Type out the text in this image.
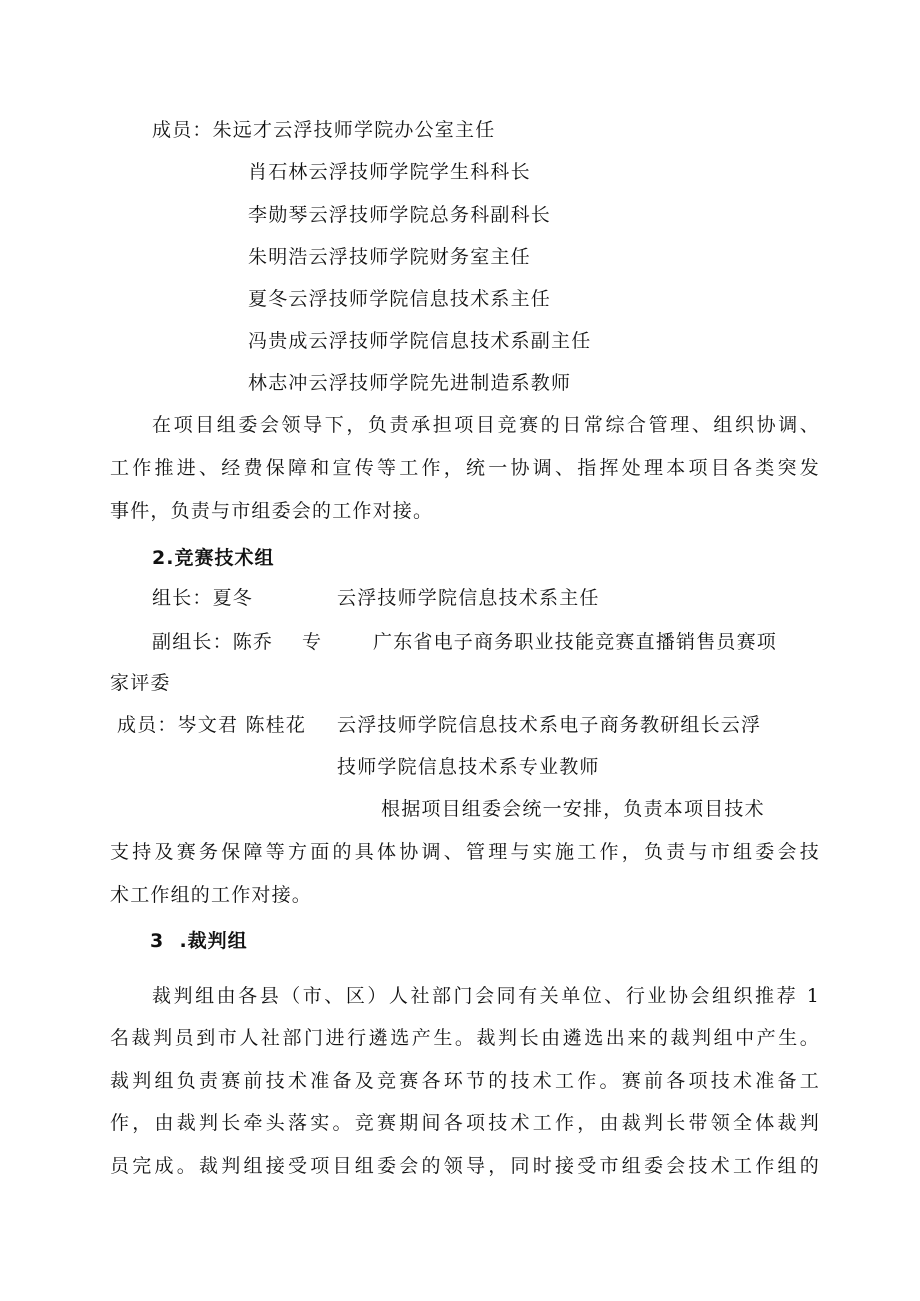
成员：朱远才云浮技师学院办公室主任
肖石林云浮技师学院学生科科长
李勋琴云浮技师学院总务科副科长
朱明浩云浮技师学院财务室主任
夏冬云浮技师学院信息技术系主任
冯贵成云浮技师学院信息技术系副主任
林志冲云浮技师学院先进制造系教师
在项目组委会领导下，负责承担项目竞赛的日常综合管理、组织协调、
工作推进、经费保障和宣传等工作，统一协调、指挥处理本项目各类突发
事件，负责与市组委会的工作对接。
2.竞赛技术组
组长：夏冬	云浮技师学院信息技术系主任
副组长：陈乔 专	广东省电子商务职业技能竞赛直播销售员赛项
家评委
成员：岑文君 陈桂花 云浮技师学院信息技术系电子商务教研组长云浮
技师学院信息技术系专业教师
根据项目组委会统一安排，负责本项目技术
支持及赛务保障等方面的具体协调、管理与实施工作，负责与市组委会技
术工作组的工作对接。
3 .裁判组
裁判组由各县（市、区）人社部门会同有关单位、行业协会组织推荐 1
名裁判员到市人社部门进行遴选产生。裁判长由遴选出来的裁判组中产生。
裁判组负责赛前技术准备及竞赛各环节的技术工作。赛前各项技术准备工
作，由裁判长牵头落实。竞赛期间各项技术工作，由裁判长带领全体裁判
员完成。裁判组接受项目组委会的领导，同时接受市组委会技术工作组的
